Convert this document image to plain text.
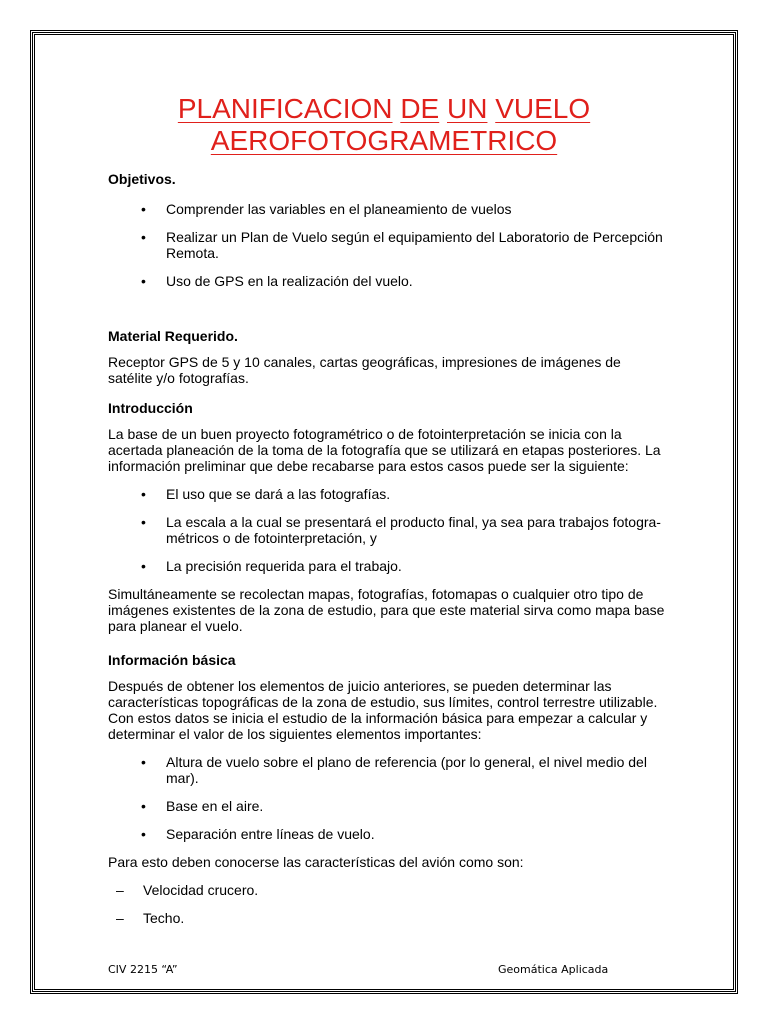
PLANIFICACION DE UN VUELO
AEROFOTOGRAMETRICO

Objetivos.

• Comprender las variables en el planeamiento de vuelos
• Realizar un Plan de Vuelo según el equipamiento del Laboratorio de Percepción Remota.
• Uso de GPS en la realización del vuelo.

Material Requerido.

Receptor GPS de 5 y 10 canales, cartas geográficas, impresiones de imágenes de satélite y/o fotografías.

Introducción

La base de un buen proyecto fotogramétrico o de fotointerpretación se inicia con la acertada planeación de la toma de la fotografía que se utilizará en etapas posteriores. La información preliminar que debe recabarse para estos casos puede ser la siguiente:

• El uso que se dará a las fotografías.
• La escala a la cual se presentará el producto final, ya sea para trabajos fotogra-métricos o de fotointerpretación, y
• La precisión requerida para el trabajo.

Simultáneamente se recolectan mapas, fotografías, fotomapas o cualquier otro tipo de imágenes existentes de la zona de estudio, para que este material sirva como mapa base para planear el vuelo.

Información básica

Después de obtener los elementos de juicio anteriores, se pueden determinar las características topográficas de la zona de estudio, sus límites, control terrestre utilizable. Con estos datos se inicia el estudio de la información básica para empezar a calcular y determinar el valor de los siguientes elementos importantes:

• Altura de vuelo sobre el plano de referencia (por lo general, el nivel medio del mar).
• Base en el aire.
• Separación entre líneas de vuelo.

Para esto deben conocerse las características del avión como son:

– Velocidad crucero.
– Techo.
CIV 2215 “A”	Geomática Aplicada
